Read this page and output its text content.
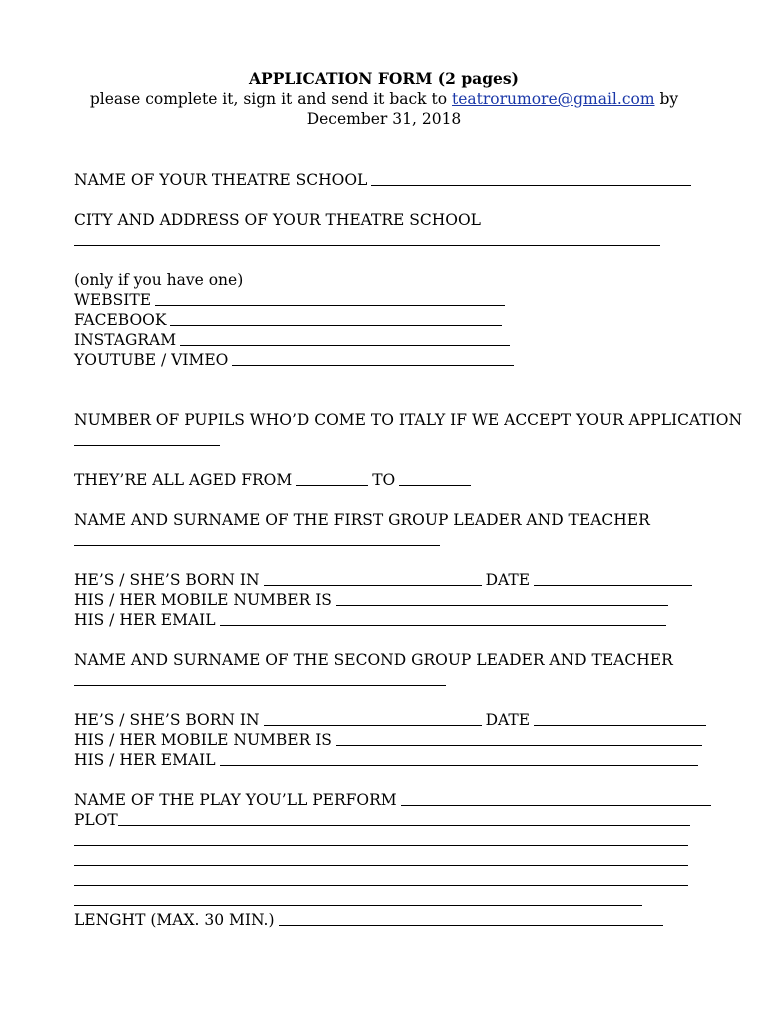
APPLICATION FORM (2 pages)
please complete it, sign it and send it back to teatrorumore@gmail.com by
December 31, 2018
NAME OF YOUR THEATRE SCHOOL
CITY AND ADDRESS OF YOUR THEATRE SCHOOL
(only if you have one)
WEBSITE
FACEBOOK
INSTAGRAM
YOUTUBE / VIMEO
NUMBER OF PUPILS WHO’D COME TO ITALY IF WE ACCEPT YOUR APPLICATION
THEY’RE ALL AGED FROM	TO
NAME AND SURNAME OF THE FIRST GROUP LEADER AND TEACHER
HE’S / SHE’S BORN IN	DATE
HIS / HER MOBILE NUMBER IS
HIS / HER EMAIL
NAME AND SURNAME OF THE SECOND GROUP LEADER AND TEACHER
HE’S / SHE’S BORN IN	DATE
HIS / HER MOBILE NUMBER IS
HIS / HER EMAIL
NAME OF THE PLAY YOU’LL PERFORM
PLOT
LENGHT (MAX. 30 MIN.)
